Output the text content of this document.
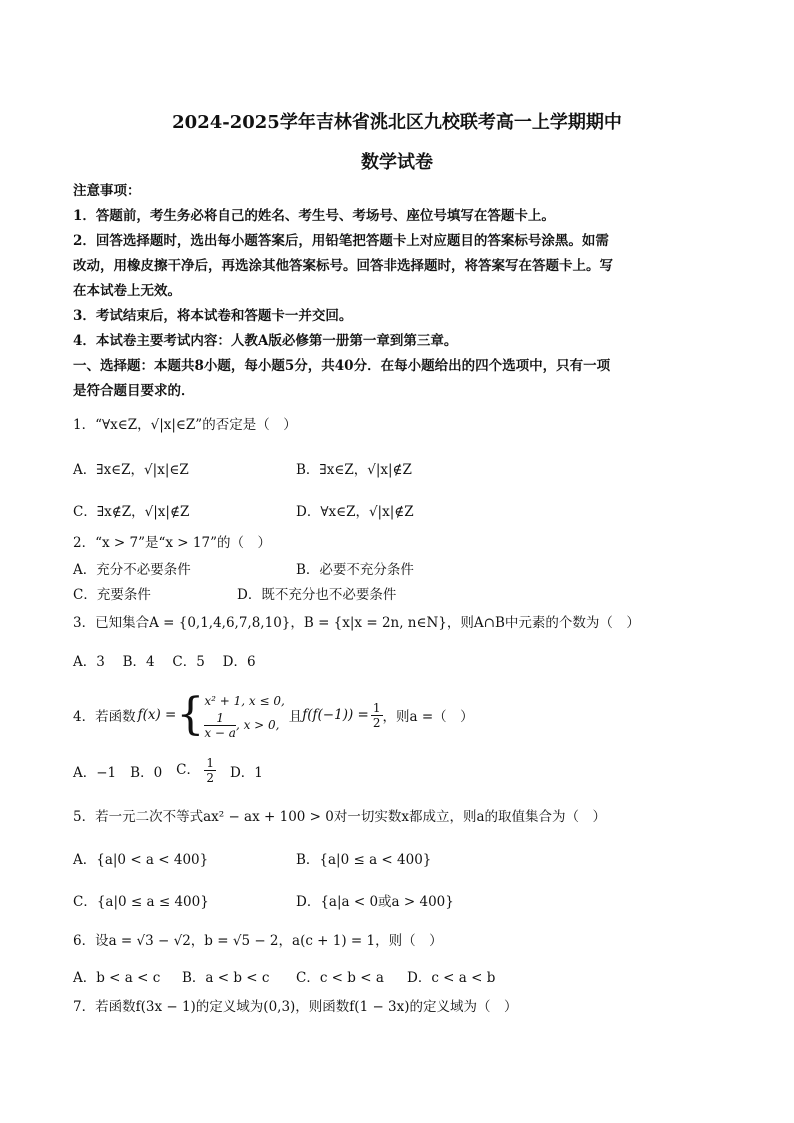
2024-2025学年吉林省洮北区九校联考高一上学期期中
数学试卷
注意事项：
1．答题前，考生务必将自己的姓名、考生号、考场号、座位号填写在答题卡上。
2．回答选择题时，选出每小题答案后，用铅笔把答题卡上对应题目的答案标号涂黑。如需
改动，用橡皮擦干净后，再选涂其他答案标号。回答非选择题时，将答案写在答题卡上。写
在本试卷上无效。
3．考试结束后，将本试卷和答题卡一并交回。
4．本试卷主要考试内容：人教A版必修第一册第一章到第三章。
一、选择题：本题共8小题，每小题5分，共40分．在每小题给出的四个选项中，只有一项
是符合题目要求的．
1．“∀x∈Z，√|x|∈Z”的否定是（　）
A．∃x∈Z，√|x|∈Z	B．∃x∈Z，√|x|∉Z
C．∃x∉Z，√|x|∉Z	D．∀x∈Z，√|x|∉Z
2．“x > 7”是“x > 17”的（　）
A．充分不必要条件	B．必要不充分条件
C．充要条件	D．既不充分也不必要条件
3．已知集合A = {0,1,4,6,7,8,10}，B = {x|x = 2n, n∈N}，则A∩B中元素的个数为（　）
A．3　 B．4　 C．5　 D．6
4．若函数 f(x) = { x² + 1, x ≤ 0,
$\frac{1}{x - a}$ , x > 0, 且 $f(f(-1)) = \frac{1}{2}$ ，则a =（　）
A．−1 B．0 C． $\frac{1}{2}$ D．1
5．若一元二次不等式ax² − ax + 100 > 0对一切实数x都成立，则a的取值集合为（　）
A．{a|0 < a < 400}	B．{a|0 ≤ a < 400}
C．{a|0 ≤ a ≤ 400}	D．{a|a < 0或a > 400}
6．设a = √3 − √2，b = √5 − 2，a(c + 1) = 1，则（　）
A．b < a < c B．a < b < c C．c < b < a D．c < a < b
7．若函数f(3x − 1)的定义域为(0,3)，则函数f(1 − 3x)的定义域为（　）
